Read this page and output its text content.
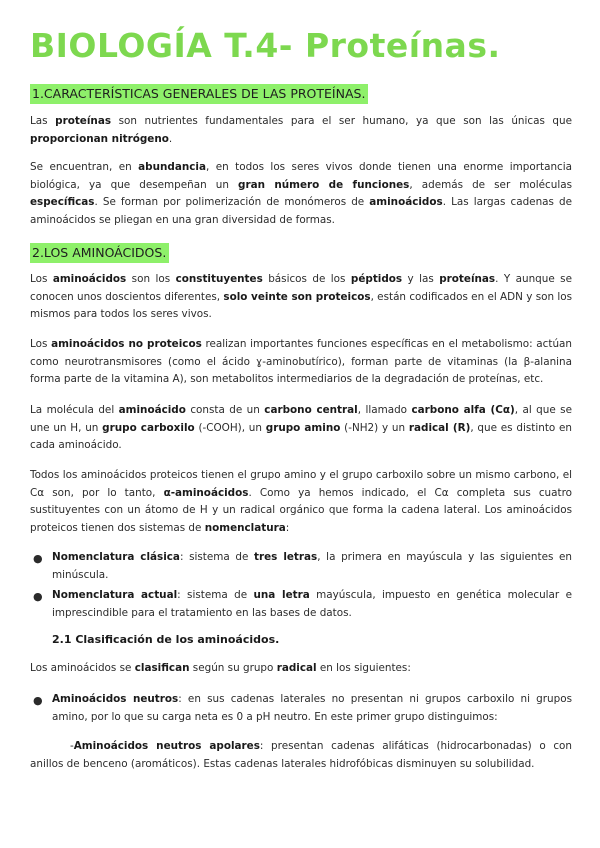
BIOLOGÍA T.4- Proteínas.
1.CARACTERÍSTICAS GENERALES DE LAS PROTEÍNAS.

Las proteínas son nutrientes fundamentales para el ser humano, ya que son las únicas que proporcionan nitrógeno.

Se encuentran, en abundancia, en todos los seres vivos donde tienen una enorme importancia biológica, ya que desempeñan un gran número de funciones, además de ser moléculas específicas. Se forman por polimerización de monómeros de aminoácidos. Las largas cadenas de aminoácidos se pliegan en una gran diversidad de formas.

2.LOS AMINOÁCIDOS.

Los aminoácidos son los constituyentes básicos de los péptidos y las proteínas. Y aunque se conocen unos doscientos diferentes, solo veinte son proteicos, están codificados en el ADN y son los mismos para todos los seres vivos.

Los aminoácidos no proteicos realizan importantes funciones específicas en el metabolismo: actúan como neurotransmisores (como el ácido ɣ-aminobutírico), forman parte de vitaminas (la β-alanina forma parte de la vitamina A), son metabolitos intermediarios de la degradación de proteínas, etc.

La molécula del aminoácido consta de un carbono central, llamado carbono alfa (Cα), al que se une un H, un grupo carboxilo (-COOH), un grupo amino (-NH2) y un radical (R), que es distinto en cada aminoácido.

Todos los aminoácidos proteicos tienen el grupo amino y el grupo carboxilo sobre un mismo carbono, el Cα son, por lo tanto, α-aminoácidos. Como ya hemos indicado, el Cα completa sus cuatro sustituyentes con un átomo de H y un radical orgánico que forma la cadena lateral. Los aminoácidos proteicos tienen dos sistemas de nomenclatura:

● Nomenclatura clásica: sistema de tres letras, la primera en mayúscula y las siguientes en minúscula.

● Nomenclatura actual: sistema de una letra mayúscula, impuesto en genética molecular e imprescindible para el tratamiento en las bases de datos.

2.1 Clasificación de los aminoácidos.

Los aminoácidos se clasifican según su grupo radical en los siguientes:

● Aminoácidos neutros: en sus cadenas laterales no presentan ni grupos carboxilo ni grupos amino, por lo que su carga neta es 0 a pH neutro. En este primer grupo distinguimos:

-Aminoácidos neutros apolares: presentan cadenas alifáticas (hidrocarbonadas) o con anillos de benceno (aromáticos). Estas cadenas laterales hidrofóbicas disminuyen su solubilidad.
